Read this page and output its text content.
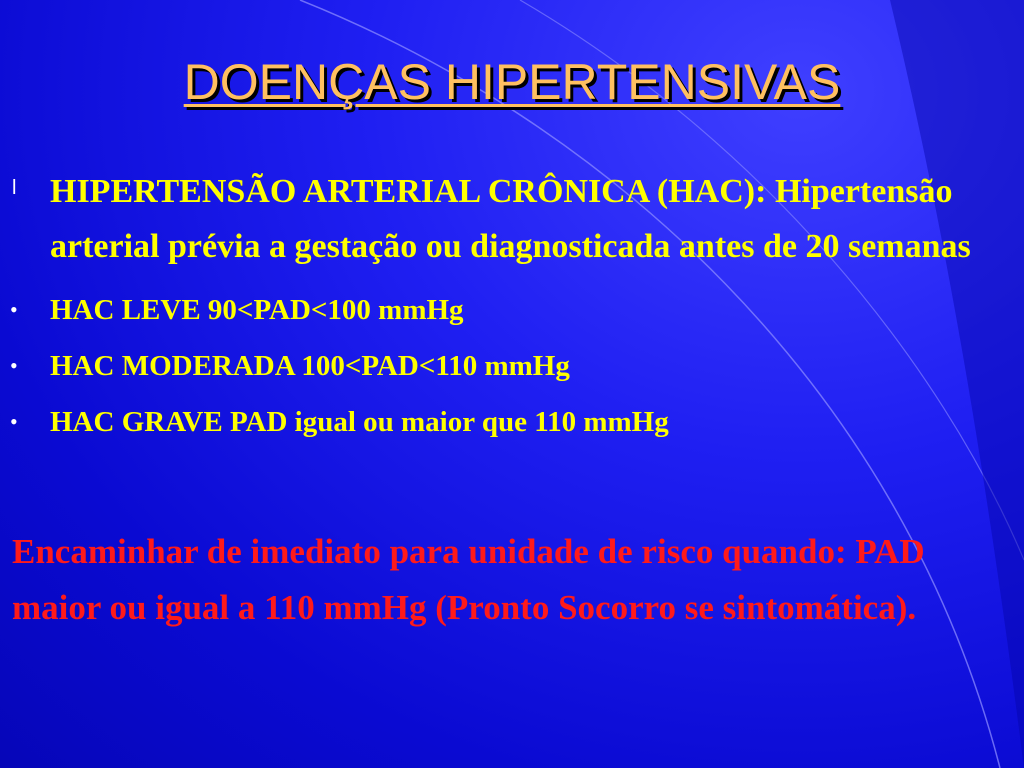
DOENÇAS HIPERTENSIVAS
l HIPERTENSÃO ARTERIAL CRÔNICA (HAC): Hipertensão arterial prévia a gestação ou diagnosticada antes de 20 semanas
• HAC LEVE 90<PAD<100 mmHg
• HAC MODERADA 100<PAD<110 mmHg
• HAC GRAVE PAD igual ou maior que 110 mmHg

Encaminhar de imediato para unidade de risco quando: PAD maior ou igual a 110 mmHg (Pronto Socorro se sintomática).
